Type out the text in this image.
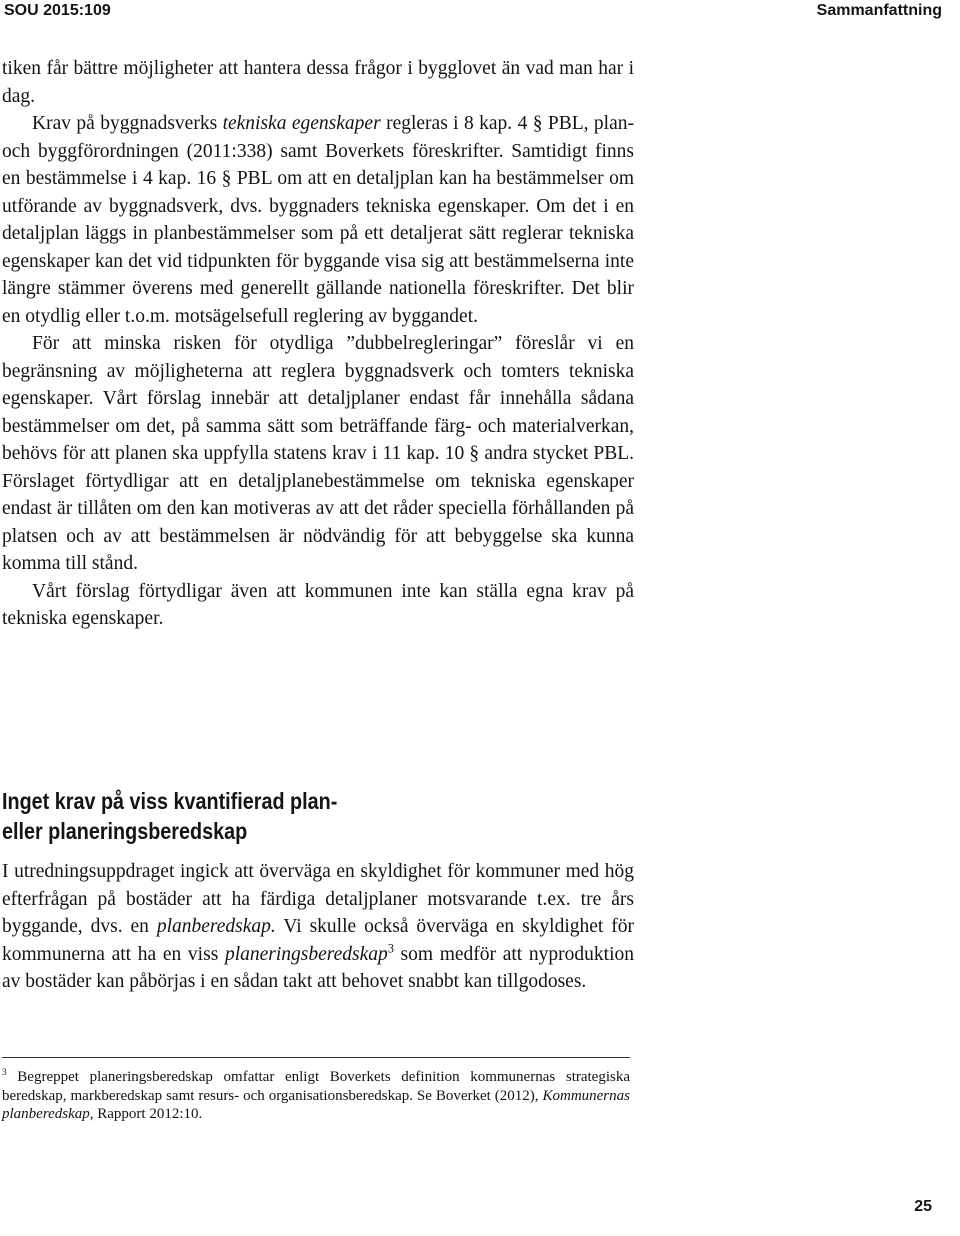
SOU 2015:109	Sammanfattning

tiken får bättre möjligheter att hantera dessa frågor i bygglovet än vad man har i dag.

Krav på byggnadsverks tekniska egenskaper regleras i 8 kap. 4 § PBL, plan- och byggförordningen (2011:338) samt Boverkets föreskrifter. Samtidigt finns en bestämmelse i 4 kap. 16 § PBL om att en detaljplan kan ha bestämmelser om utförande av byggnadsverk, dvs. byggnaders tekniska egenskaper. Om det i en detaljplan läggs in planbestämmelser som på ett detaljerat sätt reglerar tekniska egenskaper kan det vid tidpunkten för byggande visa sig att bestämmelserna inte längre stämmer överens med generellt gällande nationella föreskrifter. Det blir en otydlig eller t.o.m. motsägelsefull reglering av byggandet.

För att minska risken för otydliga ”dubbelregleringar” föreslår vi en begränsning av möjligheterna att reglera byggnadsverk och tomters tekniska egenskaper. Vårt förslag innebär att detaljplaner endast får innehålla sådana bestämmelser om det, på samma sätt som beträffande färg- och materialverkan, behövs för att planen ska uppfylla statens krav i 11 kap. 10 § andra stycket PBL. Förslaget förtydligar att en detaljplanebestämmelse om tekniska egenskaper endast är tillåten om den kan motiveras av att det råder speciella förhållanden på platsen och av att bestämmelsen är nödvändig för att bebyggelse ska kunna komma till stånd.

Vårt förslag förtydligar även att kommunen inte kan ställa egna krav på tekniska egenskaper.

Inget krav på viss kvantifierad plan-
eller planeringsberedskap

I utredningsuppdraget ingick att överväga en skyldighet för kommuner med hög efterfrågan på bostäder att ha färdiga detaljplaner motsvarande t.ex. tre års byggande, dvs. en planberedskap. Vi skulle också överväga en skyldighet för kommunerna att ha en viss planeringsberedskap$^3$ som medför att nyproduktion av bostäder kan påbörjas i en sådan takt att behovet snabbt kan tillgodoses.

$^3$ Begreppet planeringsberedskap omfattar enligt Boverkets definition kommunernas strategiska beredskap, markberedskap samt resurs- och organisationsberedskap. Se Boverket (2012), Kommunernas planberedskap, Rapport 2012:10.

25
